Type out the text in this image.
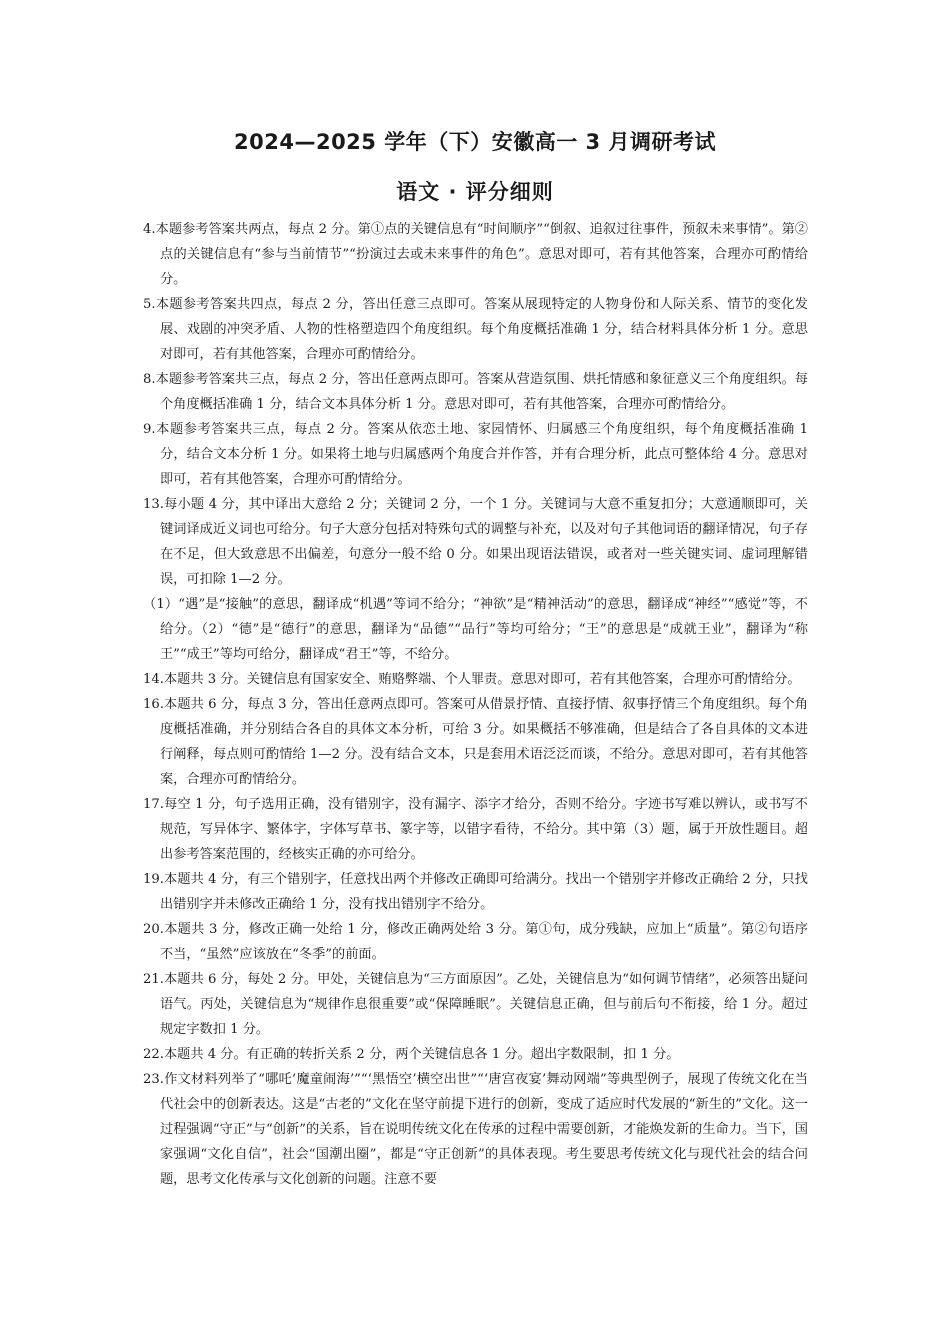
2024—2025 学年（下）安徽高一 3 月调研考试
语文 · 评分细则

4.本题参考答案共两点，每点 2 分。第①点的关键信息有“时间顺序”“倒叙、追叙过往事件，预叙未来事情”。第②点的关键信息有“参与当前情节”“扮演过去或未来事件的角色”。意思对即可，若有其他答案，合理亦可酌情给分。

5.本题参考答案共四点，每点 2 分，答出任意三点即可。答案从展现特定的人物身份和人际关系、情节的变化发展、戏剧的冲突矛盾、人物的性格塑造四个角度组织。每个角度概括准确 1 分，结合材料具体分析 1 分。意思对即可，若有其他答案，合理亦可酌情给分。

8.本题参考答案共三点，每点 2 分，答出任意两点即可。答案从营造氛围、烘托情感和象征意义三个角度组织。每个角度概括准确 1 分，结合文本具体分析 1 分。意思对即可，若有其他答案，合理亦可酌情给分。

9.本题参考答案共三点，每点 2 分。答案从依恋土地、家园情怀、归属感三个角度组织，每个角度概括准确 1 分，结合文本分析 1 分。如果将土地与归属感两个角度合并作答，并有合理分析，此点可整体给 4 分。意思对即可，若有其他答案，合理亦可酌情给分。

13.每小题 4 分，其中译出大意给 2 分；关键词 2 分，一个 1 分。关键词与大意不重复扣分；大意通顺即可，关键词译成近义词也可给分。句子大意分包括对特殊句式的调整与补充，以及对句子其他词语的翻译情况，句子存在不足，但大致意思不出偏差，句意分一般不给 0 分。如果出现语法错误，或者对一些关键实词、虚词理解错误，可扣除 1—2 分。

（1）“遇”是“接触”的意思，翻译成“机遇”等词不给分；“神欲”是“精神活动”的意思，翻译成“神经”“感觉”等，不给分。（2）“德”是“德行”的意思，翻译为“品德”“品行”等均可给分；“王”的意思是“成就王业”，翻译为“称王”“成王”等均可给分，翻译成“君王”等，不给分。

14.本题共 3 分。关键信息有国家安全、贿赂弊端、个人罪责。意思对即可，若有其他答案，合理亦可酌情给分。

16.本题共 6 分，每点 3 分，答出任意两点即可。答案可从借景抒情、直接抒情、叙事抒情三个角度组织。每个角度概括准确，并分别结合各自的具体文本分析，可给 3 分。如果概括不够准确，但是结合了各自具体的文本进行阐释，每点则可酌情给 1—2 分。没有结合文本，只是套用术语泛泛而谈，不给分。意思对即可，若有其他答案，合理亦可酌情给分。

17.每空 1 分，句子选用正确，没有错别字，没有漏字、添字才给分，否则不给分。字迹书写难以辨认，或书写不规范，写异体字、繁体字，字体写草书、篆字等，以错字看待，不给分。其中第（3）题，属于开放性题目。超出参考答案范围的，经核实正确的亦可给分。

19.本题共 4 分，有三个错别字，任意找出两个并修改正确即可给满分。找出一个错别字并修改正确给 2 分，只找出错别字并未修改正确给 1 分，没有找出错别字不给分。

20.本题共 3 分，修改正确一处给 1 分，修改正确两处给 3 分。第①句，成分残缺，应加上“质量”。第②句语序不当，“虽然”应该放在“冬季”的前面。

21.本题共 6 分，每处 2 分。甲处，关键信息为“三方面原因”。乙处，关键信息为“如何调节情绪”，必须答出疑问语气。丙处，关键信息为“规律作息很重要”或“保障睡眠”。关键信息正确，但与前后句不衔接，给 1 分。超过规定字数扣 1 分。

22.本题共 4 分。有正确的转折关系 2 分，两个关键信息各 1 分。超出字数限制，扣 1 分。

23.作文材料列举了“哪吒‘魔童闹海’”“‘黑悟空’横空出世”“‘唐宫夜宴’舞动网端”等典型例子，展现了传统文化在当代社会中的创新表达。这是“古老的”文化在坚守前提下进行的创新，变成了适应时代发展的“新生的”文化。这一过程强调“守正”与“创新”的关系，旨在说明传统文化在传承的过程中需要创新，才能焕发新的生命力。当下，国家强调“文化自信”，社会“国潮出圈”，都是“守正创新”的具体表现。考生要思考传统文化与现代社会的结合问题，思考文化传承与文化创新的问题。注意不要
